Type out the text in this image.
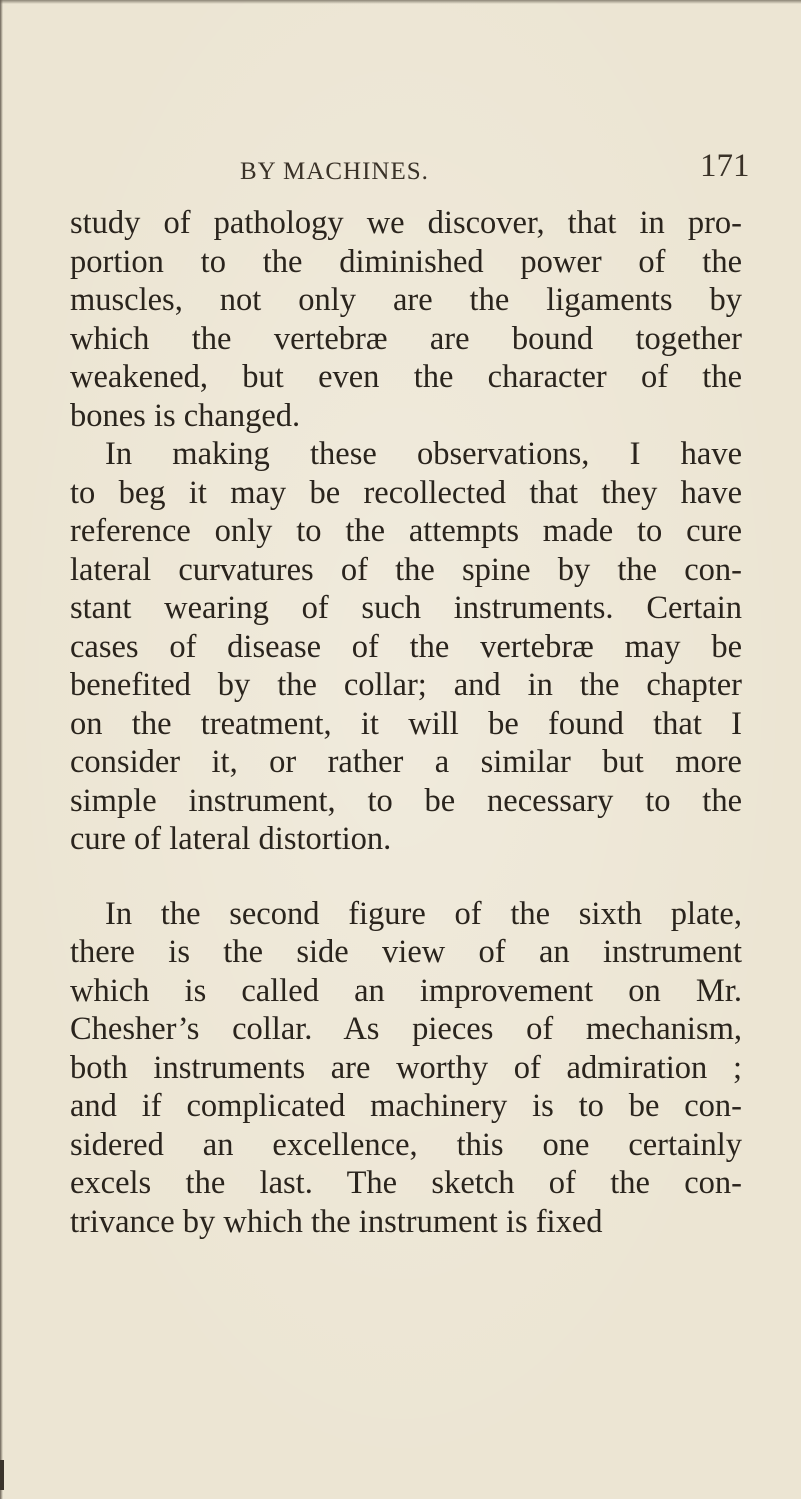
BY MACHINES.	171
study of pathology we discover, that in pro-
portion to the diminished power of the
muscles, not only are the ligaments by
which the vertebræ are bound together
weakened, but even the character of the
bones is changed.
In making these observations, I have
to beg it may be recollected that they have
reference only to the attempts made to cure
lateral curvatures of the spine by the con-
stant wearing of such instruments. Certain
cases of disease of the vertebræ may be
benefited by the collar; and in the chapter
on the treatment, it will be found that I
consider it, or rather a similar but more
simple instrument, to be necessary to the
cure of lateral distortion.
In the second figure of the sixth plate,
there is the side view of an instrument
which is called an improvement on Mr.
Chesher’s collar. As pieces of mechanism,
both instruments are worthy of admiration ;
and if complicated machinery is to be con-
sidered an excellence, this one certainly
excels the last. The sketch of the con-
trivance by which the instrument is fixed
